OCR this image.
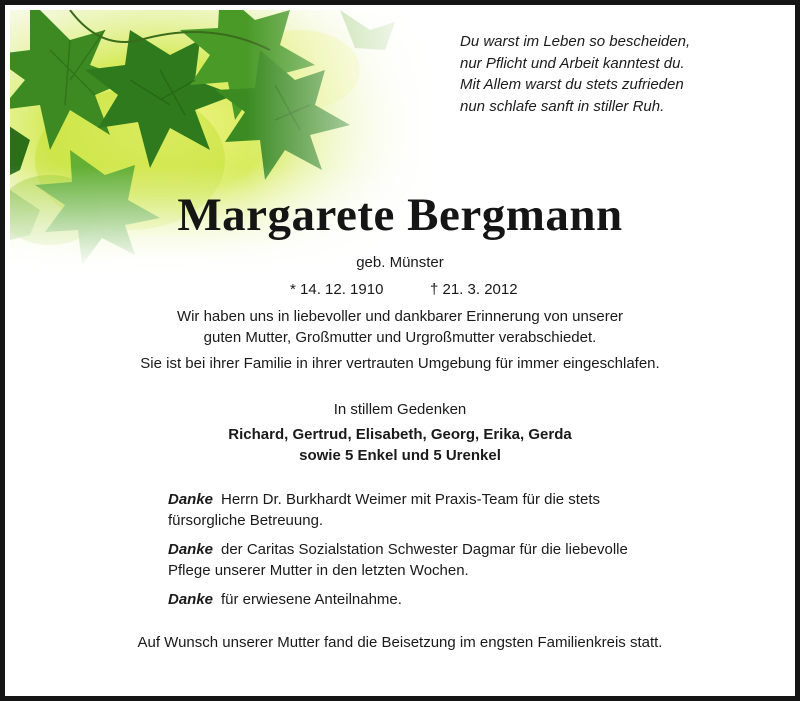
Du warst im Leben so bescheiden,
nur Pflicht und Arbeit kanntest du.
Mit Allem warst du stets zufrieden
nun schlafe sanft in stiller Ruh.
Margarete Bergmann
geb. Münster
* 14. 12. 1910	† 21. 3. 2012
Wir haben uns in liebevoller und dankbarer Erinnerung von unserer
guten Mutter, Großmutter und Urgroßmutter verabschiedet.
Sie ist bei ihrer Familie in ihrer vertrauten Umgebung für immer eingeschlafen.
In stillem Gedenken
Richard, Gertrud, Elisabeth, Georg, Erika, Gerda
sowie 5 Enkel und 5 Urenkel
Danke Herrn Dr. Burkhardt Weimer mit Praxis-Team für die stets
fürsorgliche Betreuung.
Danke der Caritas Sozialstation Schwester Dagmar für die liebevolle
Pflege unserer Mutter in den letzten Wochen.
Danke für erwiesene Anteilnahme.
Auf Wunsch unserer Mutter fand die Beisetzung im engsten Familienkreis statt.
